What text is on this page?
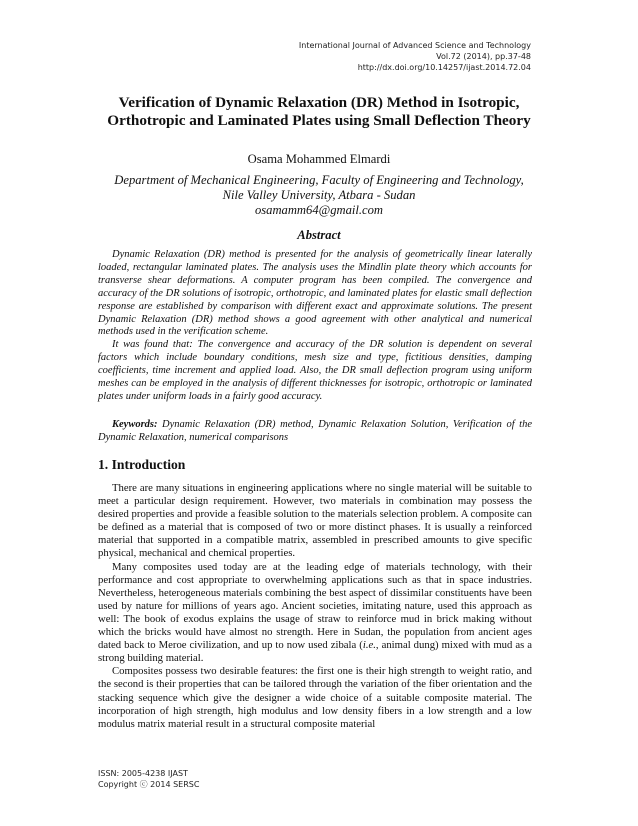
International Journal of Advanced Science and Technology
Vol.72 (2014), pp.37-48
http://dx.doi.org/10.14257/ijast.2014.72.04
Verification of Dynamic Relaxation (DR) Method in Isotropic,
Orthotropic and Laminated Plates using Small Deflection Theory
Osama Mohammed Elmardi
Department of Mechanical Engineering, Faculty of Engineering and Technology,
Nile Valley University, Atbara - Sudan
osamamm64@gmail.com
Abstract

Dynamic Relaxation (DR) method is presented for the analysis of geometrically linear laterally loaded, rectangular laminated plates. The analysis uses the Mindlin plate theory which accounts for transverse shear deformations. A computer program has been compiled. The convergence and accuracy of the DR solutions of isotropic, orthotropic, and laminated plates for elastic small deflection response are established by comparison with different exact and approximate solutions. The present Dynamic Relaxation (DR) method shows a good agreement with other analytical and numerical methods used in the verification scheme.

It was found that: The convergence and accuracy of the DR solution is dependent on several factors which include boundary conditions, mesh size and type, fictitious densities, damping coefficients, time increment and applied load. Also, the DR small deflection program using uniform meshes can be employed in the analysis of different thicknesses for isotropic, orthotropic or laminated plates under uniform loads in a fairly good accuracy.

Keywords: Dynamic Relaxation (DR) method, Dynamic Relaxation Solution, Verification of the Dynamic Relaxation, numerical comparisons

1. Introduction

There are many situations in engineering applications where no single material will be suitable to meet a particular design requirement. However, two materials in combination may possess the desired properties and provide a feasible solution to the materials selection problem. A composite can be defined as a material that is composed of two or more distinct phases. It is usually a reinforced material that supported in a compatible matrix, assembled in prescribed amounts to give specific physical, mechanical and chemical properties.

Many composites used today are at the leading edge of materials technology, with their performance and cost appropriate to overwhelming applications such as that in space industries. Nevertheless, heterogeneous materials combining the best aspect of dissimilar constituents have been used by nature for millions of years ago. Ancient societies, imitating nature, used this approach as well: The book of exodus explains the usage of straw to reinforce mud in brick making without which the bricks would have almost no strength. Here in Sudan, the population from ancient ages dated back to Meroe civilization, and up to now used zibala (i.e., animal dung) mixed with mud as a strong building material.

Composites possess two desirable features: the first one is their high strength to weight ratio, and the second is their properties that can be tailored through the variation of the fiber orientation and the stacking sequence which give the designer a wide choice of a suitable composite material. The incorporation of high strength, high modulus and low density fibers in a low strength and a low modulus matrix material result in a structural composite material

ISSN: 2005-4238 IJAST
Copyright ⓒ 2014 SERSC
